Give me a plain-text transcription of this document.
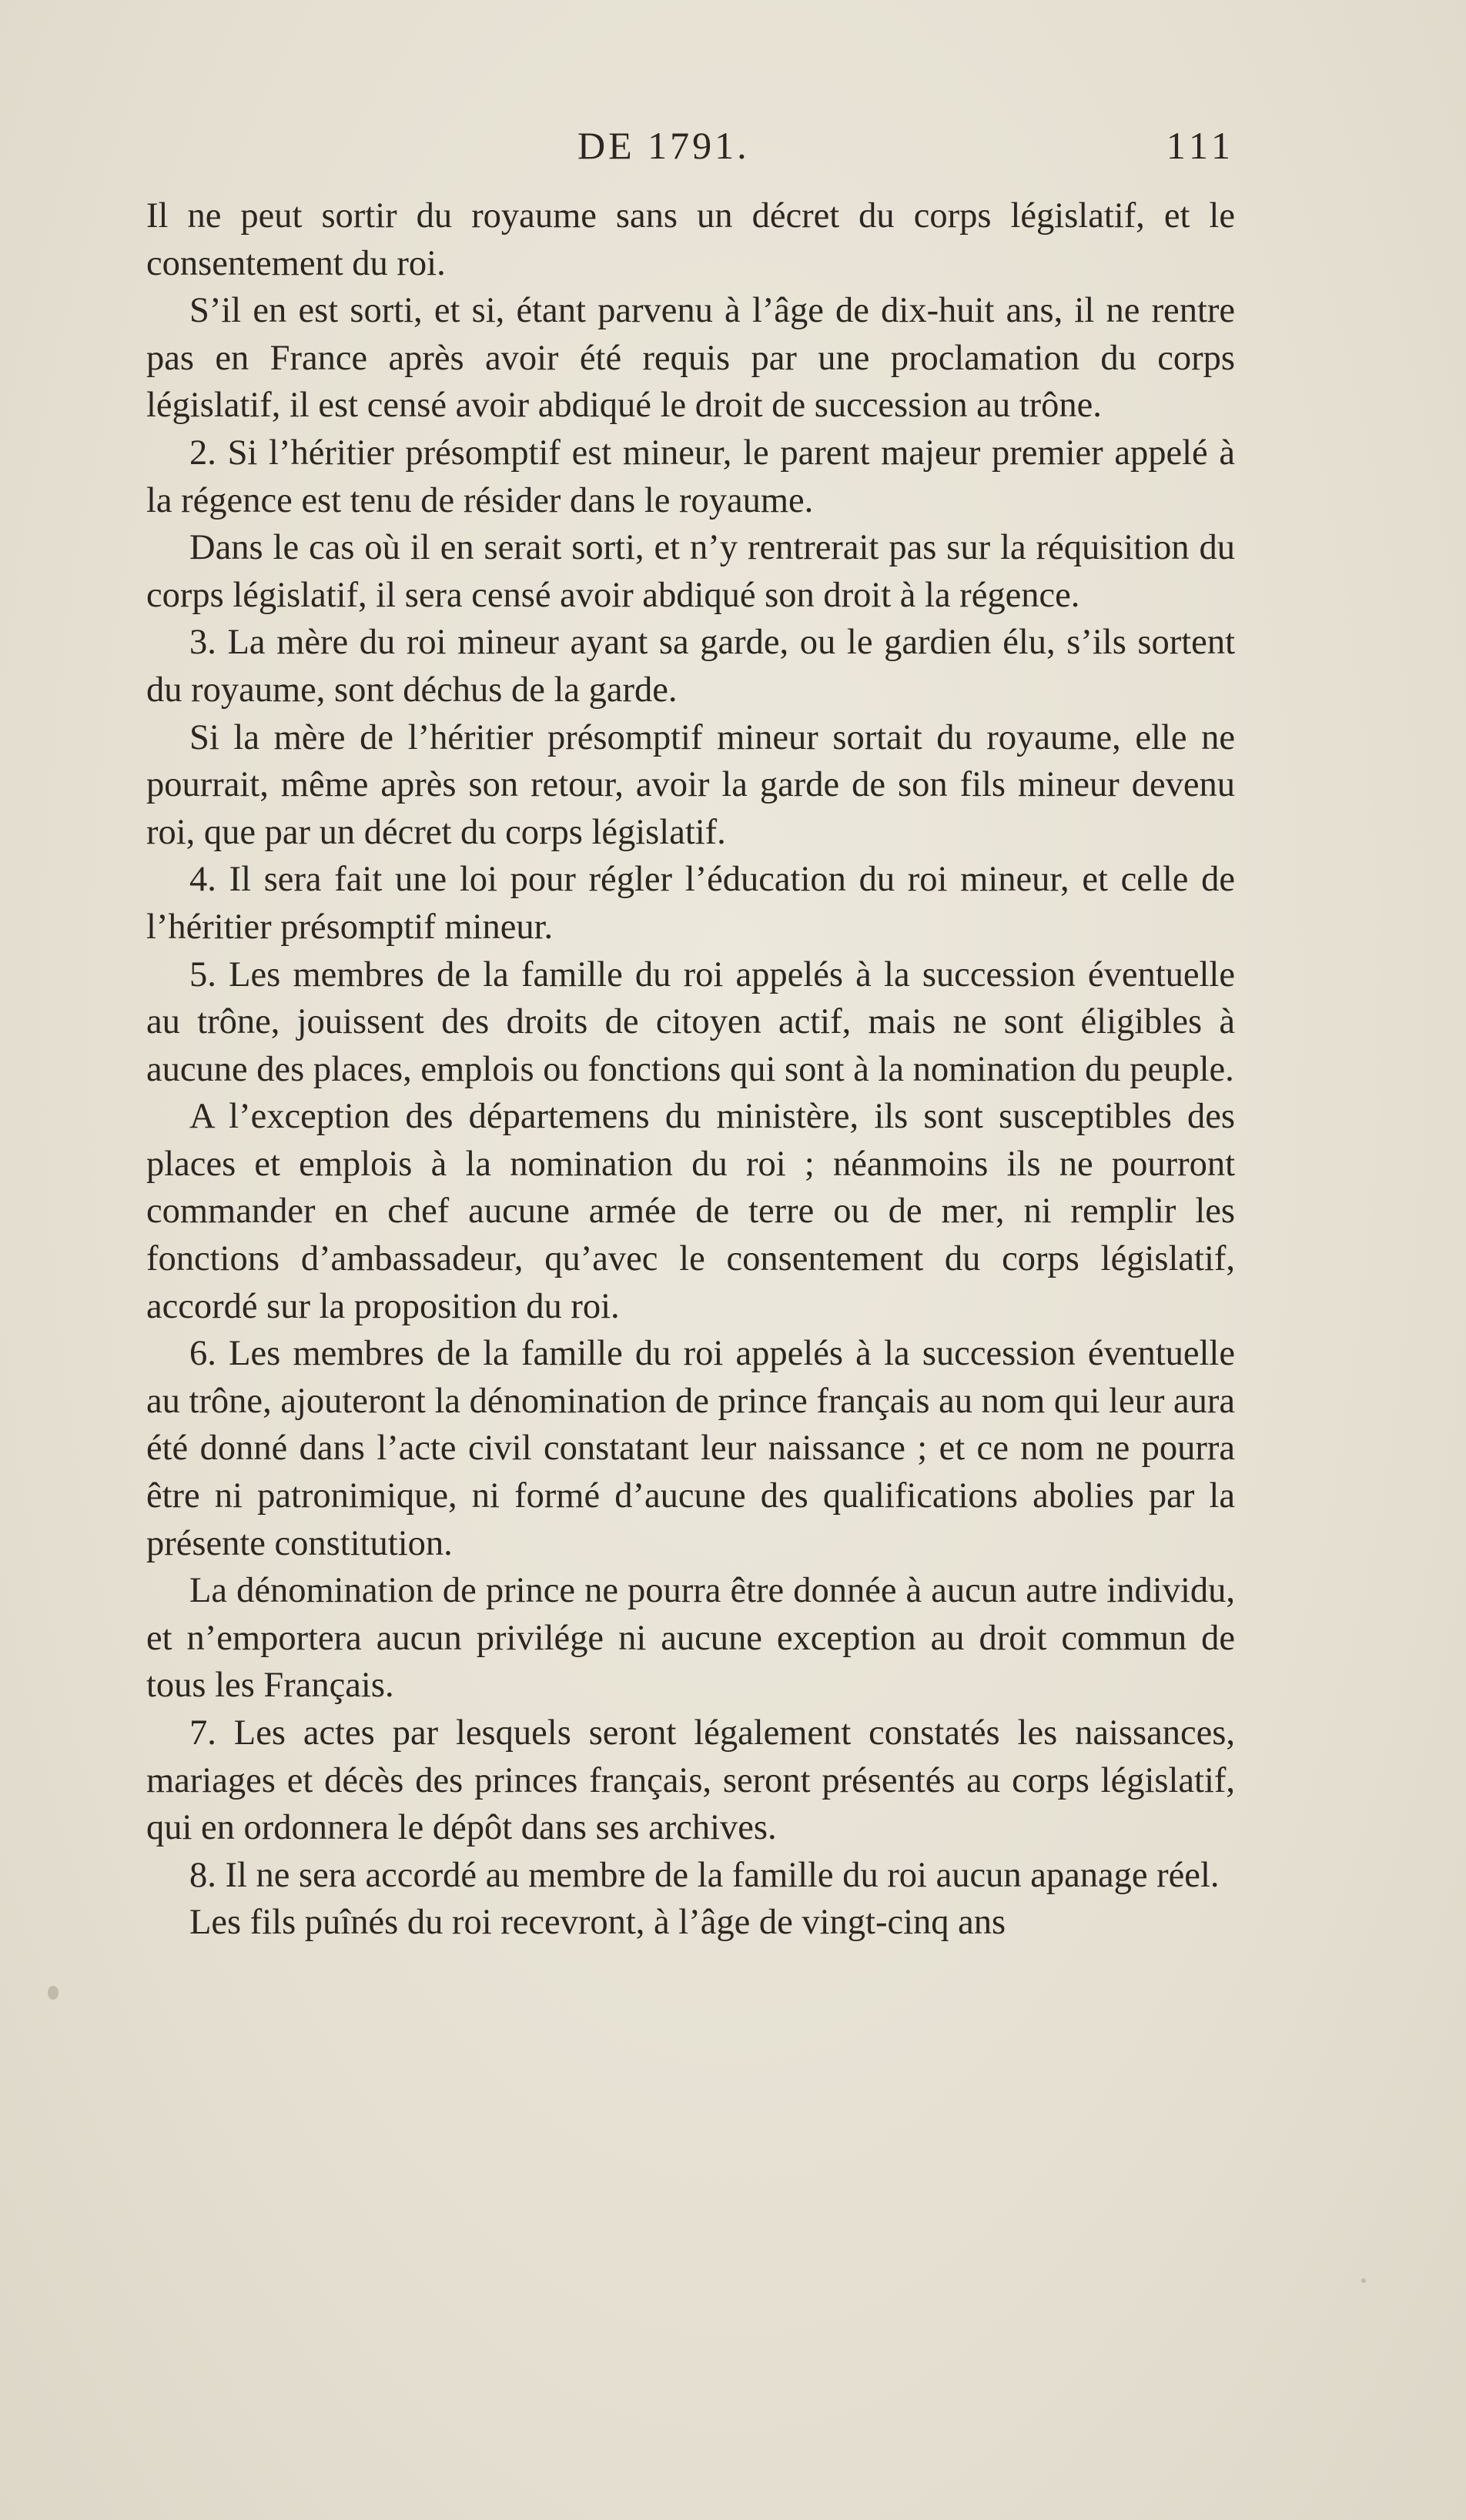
DE 1791.	111

Il ne peut sortir du royaume sans un décret du corps législatif, et le consentement du roi.

S’il en est sorti, et si, étant parvenu à l’âge de dix-huit ans, il ne rentre pas en France après avoir été requis par une proclamation du corps législatif, il est censé avoir abdiqué le droit de succession au trône.

2. Si l’héritier présomptif est mineur, le parent majeur premier appelé à la régence est tenu de résider dans le royaume.

Dans le cas où il en serait sorti, et n’y rentrerait pas sur la réquisition du corps législatif, il sera censé avoir abdiqué son droit à la régence.

3. La mère du roi mineur ayant sa garde, ou le gardien élu, s’ils sortent du royaume, sont déchus de la garde.

Si la mère de l’héritier présomptif mineur sortait du royaume, elle ne pourrait, même après son retour, avoir la garde de son fils mineur devenu roi, que par un décret du corps législatif.

4. Il sera fait une loi pour régler l’éducation du roi mineur, et celle de l’héritier présomptif mineur.

5. Les membres de la famille du roi appelés à la succession éventuelle au trône, jouissent des droits de citoyen actif, mais ne sont éligibles à aucune des places, emplois ou fonctions qui sont à la nomination du peuple.

A l’exception des départemens du ministère, ils sont susceptibles des places et emplois à la nomination du roi ; néanmoins ils ne pourront commander en chef aucune armée de terre ou de mer, ni remplir les fonctions d’ambassadeur, qu’avec le consentement du corps législatif, accordé sur la proposition du roi.

6. Les membres de la famille du roi appelés à la succession éventuelle au trône, ajouteront la dénomination de prince français au nom qui leur aura été donné dans l’acte civil constatant leur naissance ; et ce nom ne pourra être ni patronimique, ni formé d’aucune des qualifications abolies par la présente constitution.

La dénomination de prince ne pourra être donnée à aucun autre individu, et n’emportera aucun privilége ni aucune exception au droit commun de tous les Français.

7. Les actes par lesquels seront légalement constatés les naissances, mariages et décès des princes français, seront présentés au corps législatif, qui en ordonnera le dépôt dans ses archives.

8. Il ne sera accordé au membre de la famille du roi aucun apanage réel.

Les fils puînés du roi recevront, à l’âge de vingt-cinq ans
